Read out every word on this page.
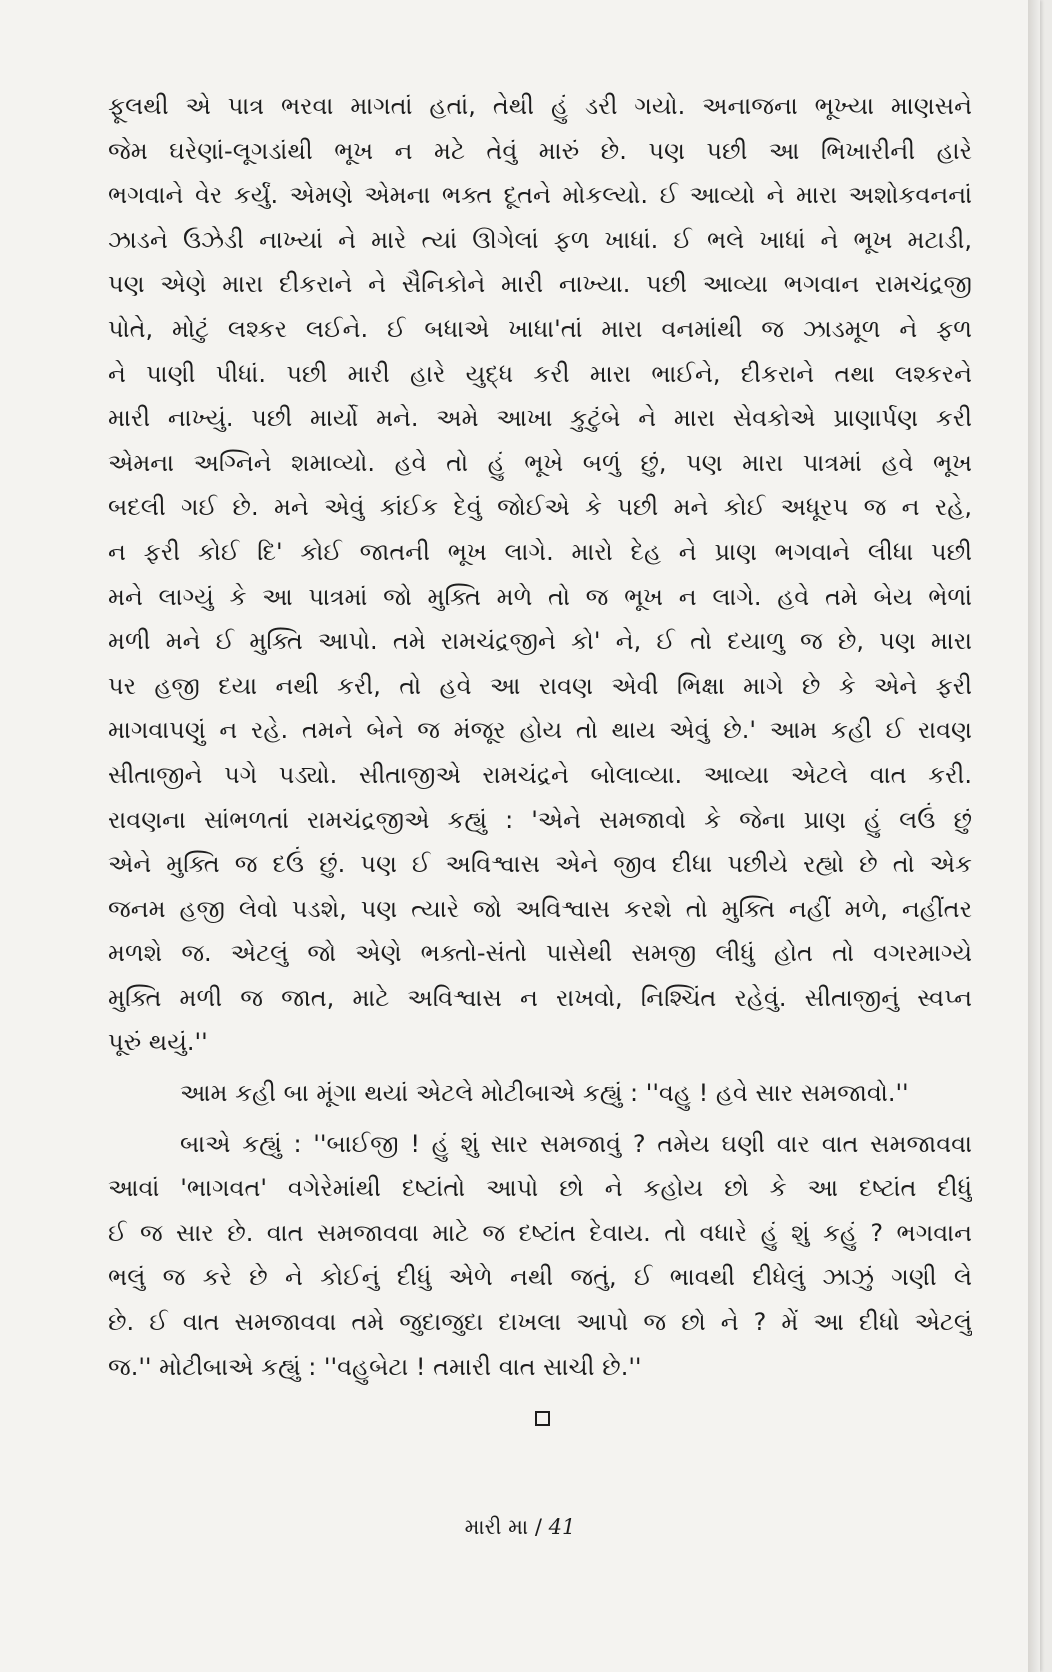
ફૂલથી એ પાત્ર ભરવા માગતાં હતાં, તેથી હું ડરી ગયો. અનાજના ભૂખ્યા માણસને
જેમ ઘરેણાં-લૂગડાંથી ભૂખ ન મટે તેવું મારું છે. પણ પછી આ ભિખારીની હારે
ભગવાને વેર કર્યું. એમણે એમના ભક્ત દૂતને મોકલ્યો. ઈ આવ્યો ને મારા અશોકવનનાં
ઝાડને ઉઝેડી નાખ્યાં ને મારે ત્યાં ઊગેલાં ફળ ખાધાં. ઈ ભલે ખાધાં ને ભૂખ મટાડી,
પણ એણે મારા દીકરાને ને સૈનિકોને મારી નાખ્યા. પછી આવ્યા ભગવાન રામચંદ્રજી
પોતે, મોટું લશ્કર લઈને. ઈ બધાએ ખાધા'તાં મારા વનમાંથી જ ઝાડમૂળ ને ફળ
ને પાણી પીધાં. પછી મારી હારે યુદ્ધ કરી મારા ભાઈને, દીકરાને તથા લશ્કરને
મારી નાખ્યું. પછી માર્યો મને. અમે આખા કુટુંબે ને મારા સેવકોએ પ્રાણાર્પણ કરી
એમના અગ્નિને શમાવ્યો. હવે તો હું ભૂખે બળું છું, પણ મારા પાત્રમાં હવે ભૂખ
બદલી ગઈ છે. મને એવું કાંઈક દેવું જોઈએ કે પછી મને કોઈ અધૂરપ જ ન રહે,
ન ફરી કોઈ દિ' કોઈ જાતની ભૂખ લાગે. મારો દેહ ને પ્રાણ ભગવાને લીધા પછી
મને લાગ્યું કે આ પાત્રમાં જો મુક્તિ મળે તો જ ભૂખ ન લાગે. હવે તમે બેય ભેળાં
મળી મને ઈ મુક્તિ આપો. તમે રામચંદ્રજીને કો' ને, ઈ તો દયાળુ જ છે, પણ મારા
પર હજી દયા નથી કરી, તો હવે આ રાવણ એવી ભિક્ષા માગે છે કે એને ફરી
માગવાપણું ન રહે. તમને બેને જ મંજૂર હોય તો થાય એવું છે.' આમ કહી ઈ રાવણ
સીતાજીને પગે પડ્યો. સીતાજીએ રામચંદ્રને બોલાવ્યા. આવ્યા એટલે વાત કરી.
રાવણના સાંભળતાં રામચંદ્રજીએ કહ્યું : 'એને સમજાવો કે જેના પ્રાણ હું લઉં છું
એને મુક્તિ જ દઉં છું. પણ ઈ અવિશ્વાસ એને જીવ દીધા પછીયે રહ્યો છે તો એક
જનમ હજી લેવો પડશે, પણ ત્યારે જો અવિશ્વાસ કરશે તો મુક્તિ નહીં મળે, નહીંતર
મળશે જ. એટલું જો એણે ભક્તો-સંતો પાસેથી સમજી લીધું હોત તો વગરમાગ્યે
મુક્તિ મળી જ જાત, માટે અવિશ્વાસ ન રાખવો, નિશ્ચિંત રહેવું. સીતાજીનું સ્વપ્ન
પૂરું થયું.''
આમ કહી બા મૂંગા થયાં એટલે મોટીબાએ કહ્યું : ''વહુ ! હવે સાર સમજાવો.''
બાએ કહ્યું : ''બાઈજી ! હું શું સાર સમજાવું ? તમેય ઘણી વાર વાત સમજાવવા
આવાં 'ભાગવત' વગેરેમાંથી દષ્ટાંતો આપો છો ને કહોય છો કે આ દષ્ટાંત દીધું
ઈ જ સાર છે. વાત સમજાવવા માટે જ દષ્ટાંત દેવાય. તો વધારે હું શું કહું ? ભગવાન
ભલું જ કરે છે ને કોઈનું દીધું એળે નથી જતું, ઈ ભાવથી દીધેલું ઝાઝું ગણી લે
છે. ઈ વાત સમજાવવા તમે જુદાજુદા દાખલા આપો જ છો ને ? મેં આ દીધો એટલું
જ.'' મોટીબાએ કહ્યું : ''વહુબેટા ! તમારી વાત સાચી છે.''
મારી મા / 41
